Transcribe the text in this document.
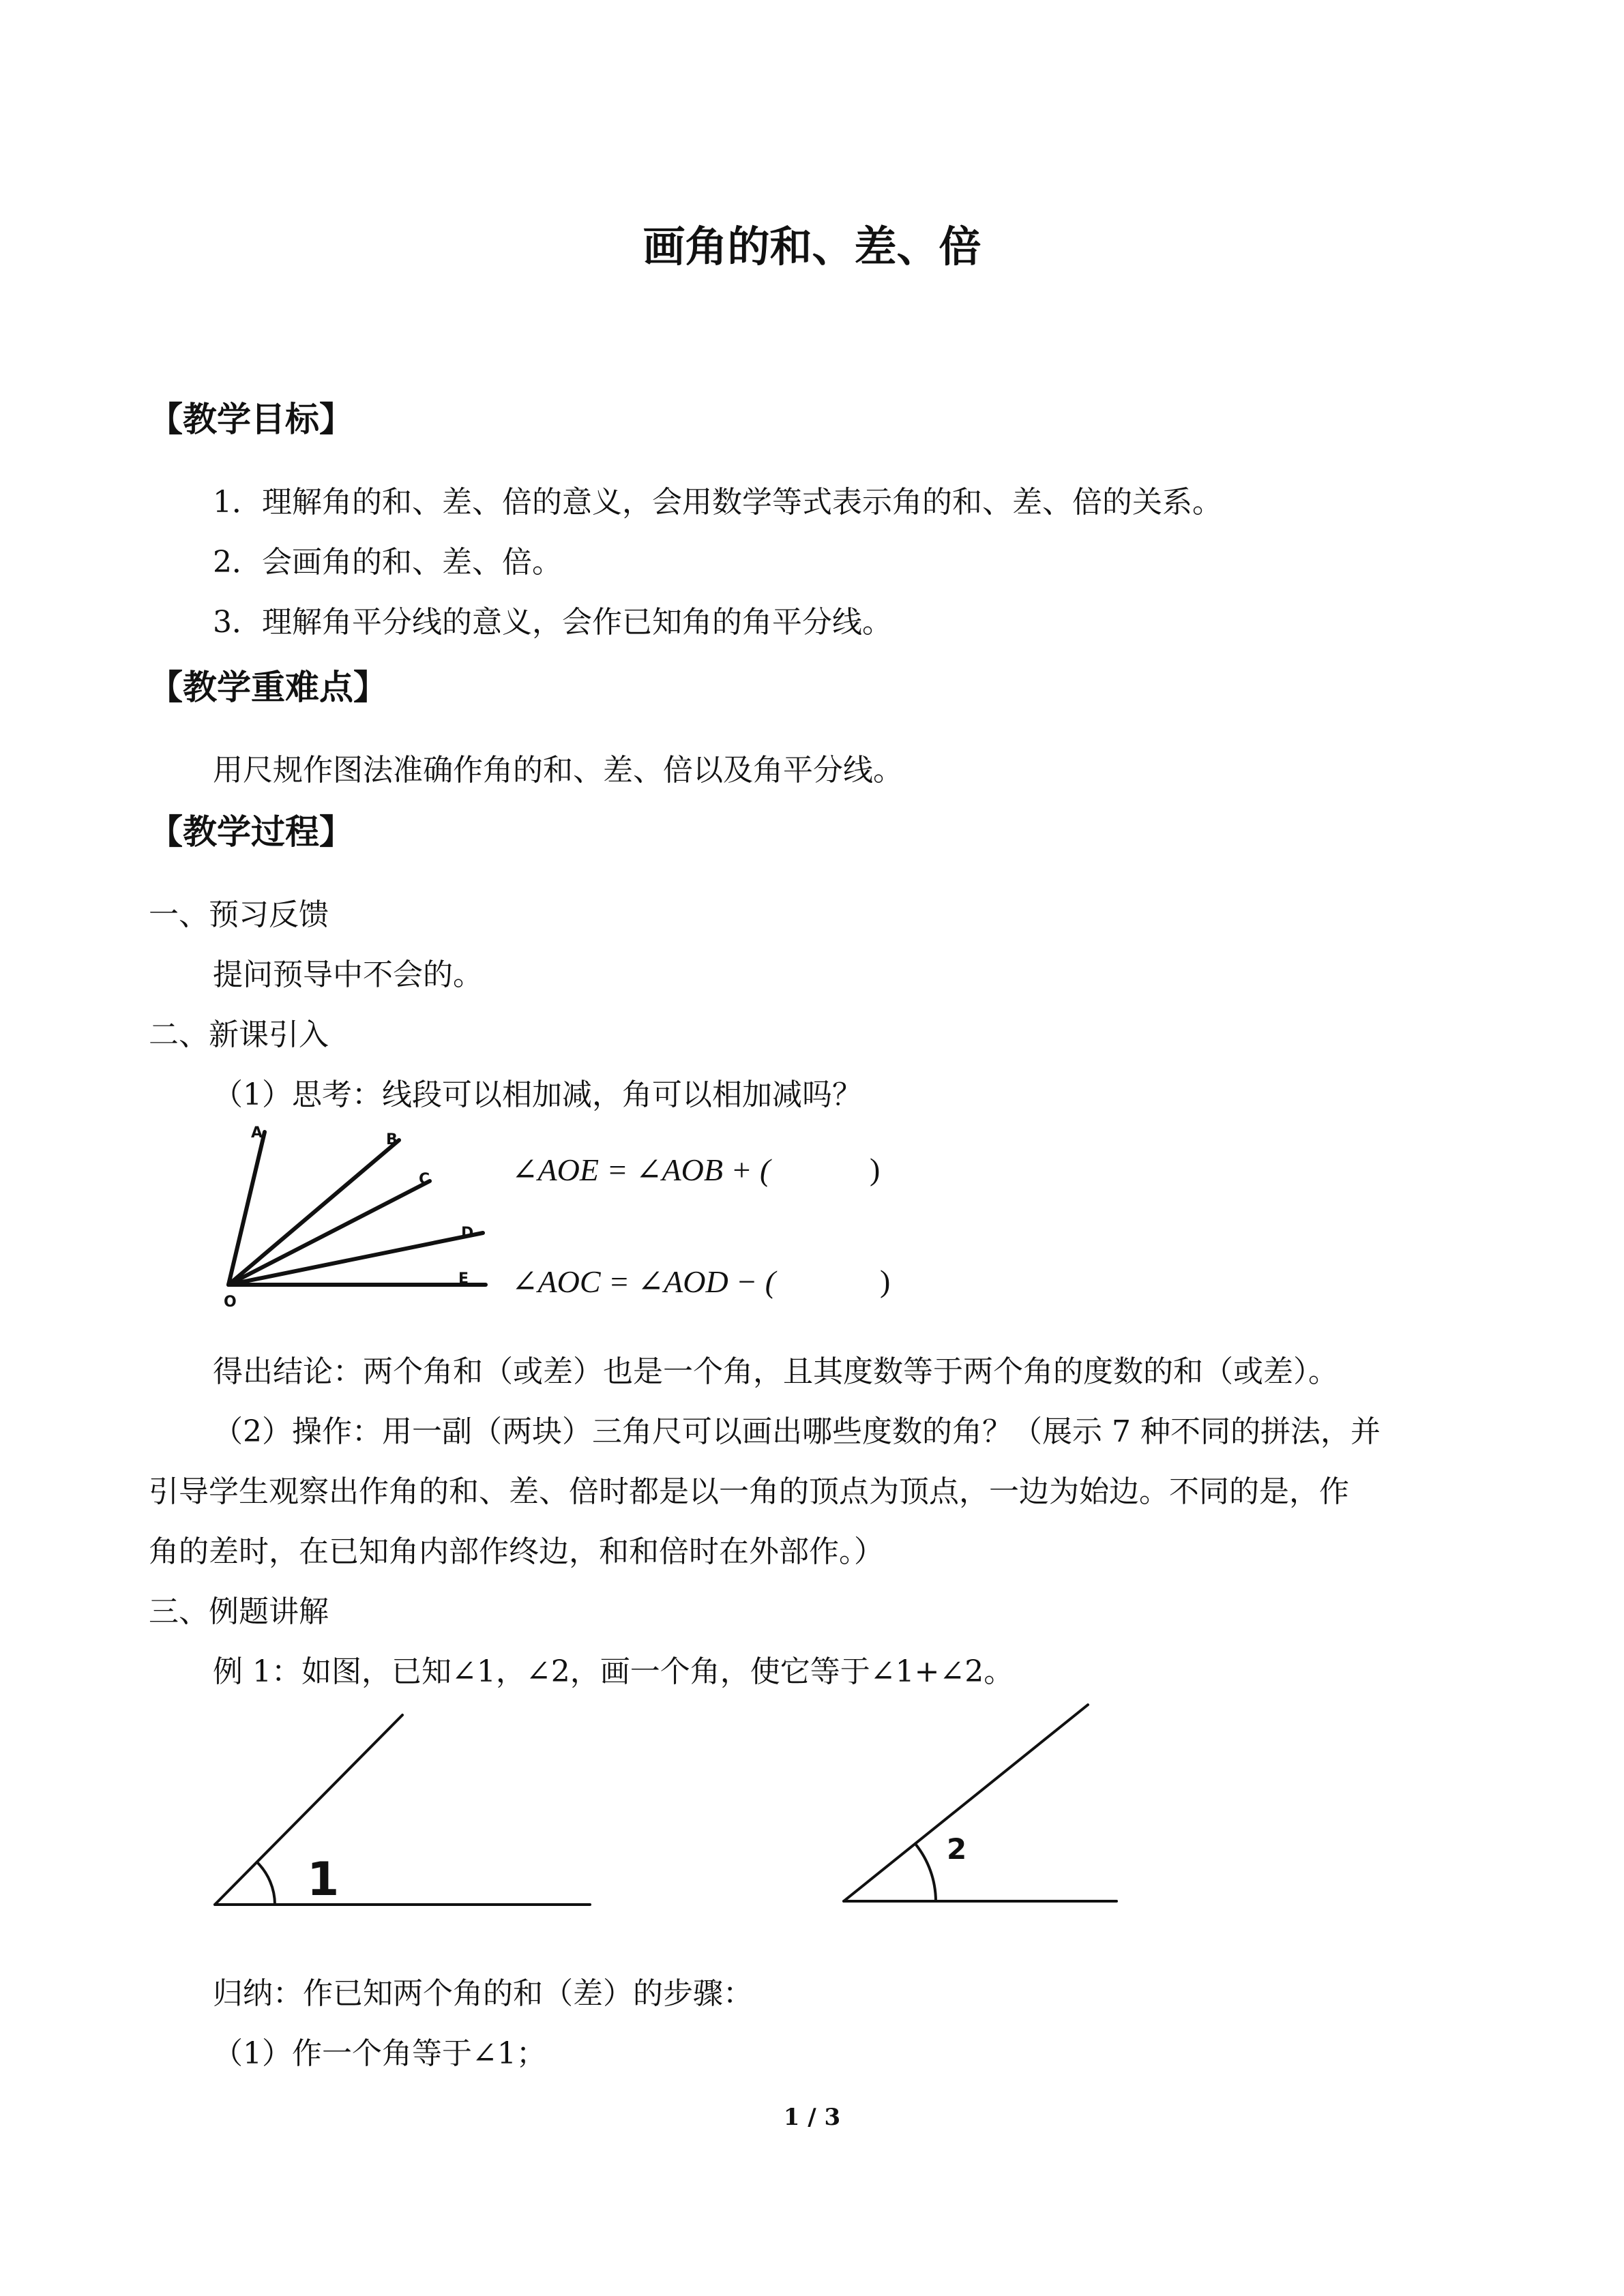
画角的和、差、倍
【教学目标】
1．理解角的和、差、倍的意义，会用数学等式表示角的和、差、倍的关系。
2．会画角的和、差、倍。
3．理解角平分线的意义，会作已知角的角平分线。
【教学重难点】
用尺规作图法准确作角的和、差、倍以及角平分线。
【教学过程】
一、预习反馈
提问预导中不会的。
二、新课引入
（1）思考：线段可以相加减，角可以相加减吗？
A	B
C
D
E
O
∠AOE = ∠AOB + (	)
∠AOC = ∠AOD − (	)
得出结论：两个角和（或差）也是一个角，且其度数等于两个角的度数的和（或差）。
（2）操作：用一副（两块）三角尺可以画出哪些度数的角？（展示 7 种不同的拼法，并
引导学生观察出作角的和、差、倍时都是以一角的顶点为顶点，一边为始边。不同的是，作
角的差时，在已知角内部作终边，和和倍时在外部作。）
三、例题讲解
例 1：如图，已知∠1，∠2，画一个角，使它等于∠1+∠2。
1
2
归纳：作已知两个角的和（差）的步骤：
（1）作一个角等于∠1；
1 / 3
